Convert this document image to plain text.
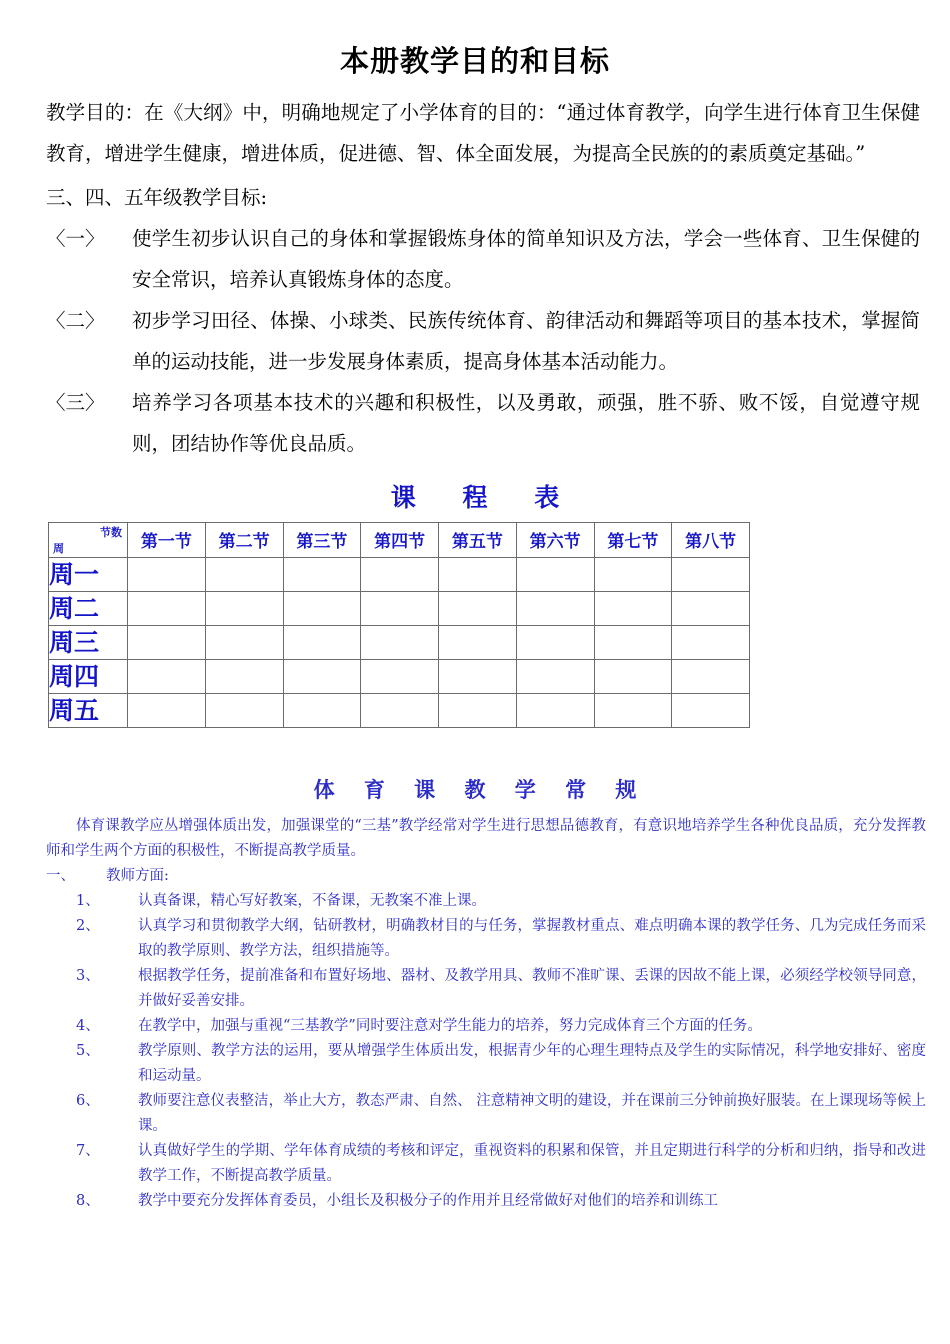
本册教学目的和目标

教学目的：在《大纲》中，明确地规定了小学体育的目的：“通过体育教学，向学生进行体育卫生保健教育，增进学生健康，增进体质，促进德、智、体全面发展，为提高全民族的的素质奠定基础。”

三、四、五年级教学目标:

〈一〉	使学生初步认识自己的身体和掌握锻炼身体的简单知识及方法，学会一些体育、卫生保健的安全常识，培养认真锻炼身体的态度。
〈二〉	初步学习田径、体操、小球类、民族传统体育、韵律活动和舞蹈等项目的基本技术，掌握简单的运动技能，进一步发展身体素质，提高身体基本活动能力。
〈三〉	培养学习各项基本技术的兴趣和积极性，以及勇敢，顽强，胜不骄、败不馁，自觉遵守规则，团结协作等优良品质。
课 程 表
节数
周	第一节	第二节	第三节	第四节	第五节	第六节	第七节	第八节
周一								
周二								
周三								
周四								
周五								
体 育 课 教 学 常 规

体育课教学应丛增强体质出发，加强课堂的“三基”教学经常对学生进行思想品德教育，有意识地培养学生各种优良品质，充分发挥教师和学生两个方面的积极性，不断提高教学质量。

一、	教师方面:
1、	认真备课，精心写好教案，不备课，无教案不准上课。
2、	认真学习和贯彻教学大纲，钻研教材，明确教材目的与任务，掌握教材重点、难点明确本课的教学任务、几为完成任务而采取的教学原则、教学方法，组织措施等。
3、	根据教学任务，提前准备和布置好场地、器材、及教学用具、教师不准旷课、丢课的因故不能上课，必须经学校领导同意，并做好妥善安排。
4、	在教学中，加强与重视“三基教学”同时要注意对学生能力的培养，努力完成体育三个方面的任务。
5、	教学原则、教学方法的运用，要从增强学生体质出发，根据青少年的心理生理特点及学生的实际情况，科学地安排好、密度和运动量。
6、	教师要注意仪表整洁，举止大方，教态严肃、自然、 注意精神文明的建设，并在课前三分钟前换好服装。在上课现场等候上课。
7、	认真做好学生的学期、学年体育成绩的考核和评定，重视资料的积累和保管，并且定期进行科学的分析和归纳，指导和改进教学工作，不断提高教学质量。
8、	教学中要充分发挥体育委员，小组长及积极分子的作用并且经常做好对他们的培养和训练工
